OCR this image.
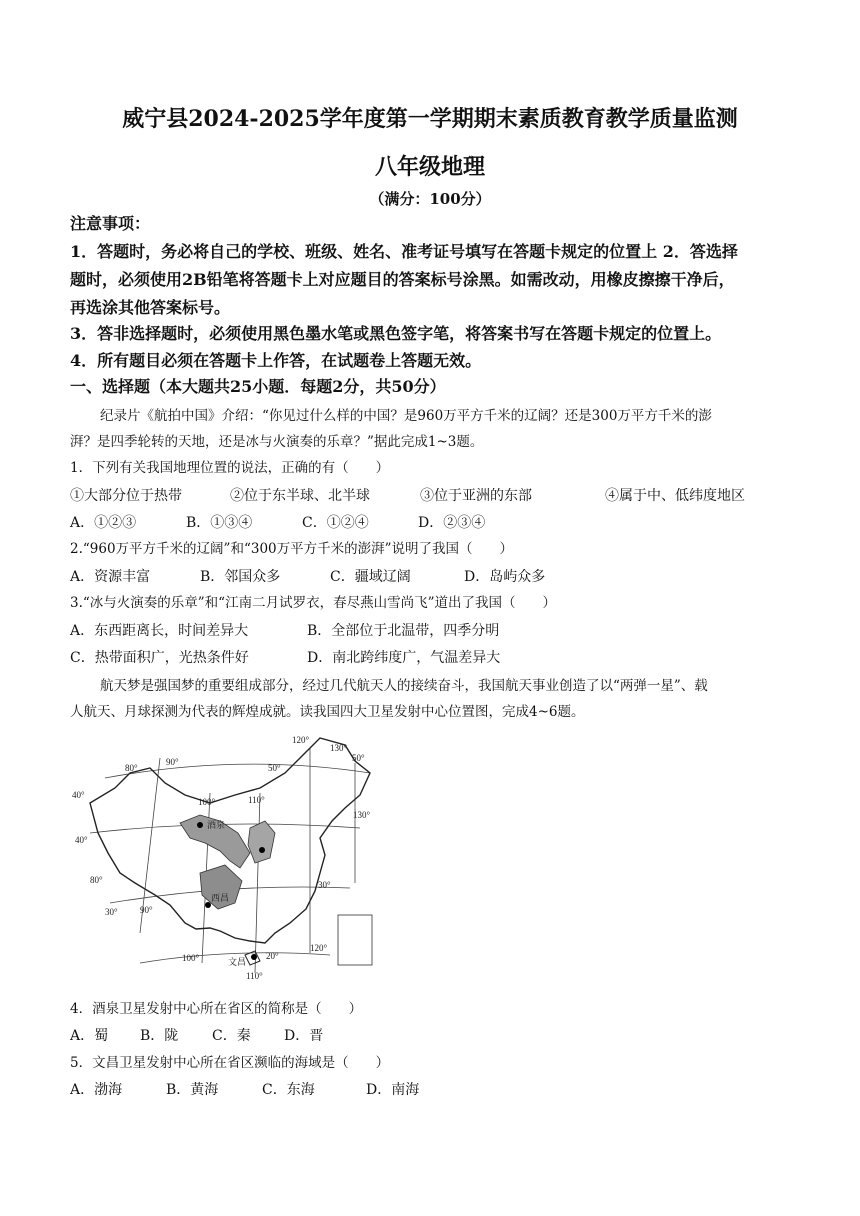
威宁县2024-2025学年度第一学期期末素质教育教学质量监测
八年级地理
（满分：100分）
注意事项：
1．答题时，务必将自己的学校、班级、姓名、准考证号填写在答题卡规定的位置上 2．答选择
题时，必须使用2B铅笔将答题卡上对应题目的答案标号涂黑。如需改动，用橡皮擦擦干净后，
再选涂其他答案标号。
3．答非选择题时，必须使用黑色墨水笔或黑色签字笔，将答案书写在答题卡规定的位置上。
4．所有题目必须在答题卡上作答，在试题卷上答题无效。
一、选择题（本大题共25小题．每题2分，共50分）
纪录片《航拍中国》介绍：“你见过什么样的中国？是960万平方千米的辽阔？还是300万平方千米的澎
湃？是四季轮转的天地，还是冰与火演奏的乐章？”据此完成1~3题。
1．下列有关我国地理位置的说法，正确的有（　　）
①大部分位于热带	②位于东半球、北半球	③位于亚洲的东部	④属于中、低纬度地区
A．①②③	B．①③④	C．①②④	D．②③④
2.“960万平方千米的辽阔”和“300万平方千米的澎湃”说明了我国（　　）
A．资源丰富	B．邻国众多	C．疆域辽阔	D．岛屿众多
3.“冰与火演奏的乐章”和“江南二月试罗衣，春尽燕山雪尚飞”道出了我国（　　）
A．东西距离长，时间差异大	B．全部位于北温带，四季分明
C．热带面积广，光热条件好	D．南北跨纬度广，气温差异大
航天梦是强国梦的重要组成部分，经过几代航天人的接续奋斗，我国航天事业创造了以“两弹一星”、载
人航天、月球探测为代表的辉煌成就。读我国四大卫星发射中心位置图，完成4~6题。
120°
130°
50°
50°
80°
90°
40°
100°
40°
130°
110°
30°
80°
90°
30°
120°
20°
100°
110°
酒泉
西昌
文昌
4．酒泉卫星发射中心所在省区的简称是（　　）
A．蜀 B．陇 C．秦 D．晋
5．文昌卫星发射中心所在省区濒临的海域是（　　）
A．渤海	B．黄海	C．东海	D．南海
